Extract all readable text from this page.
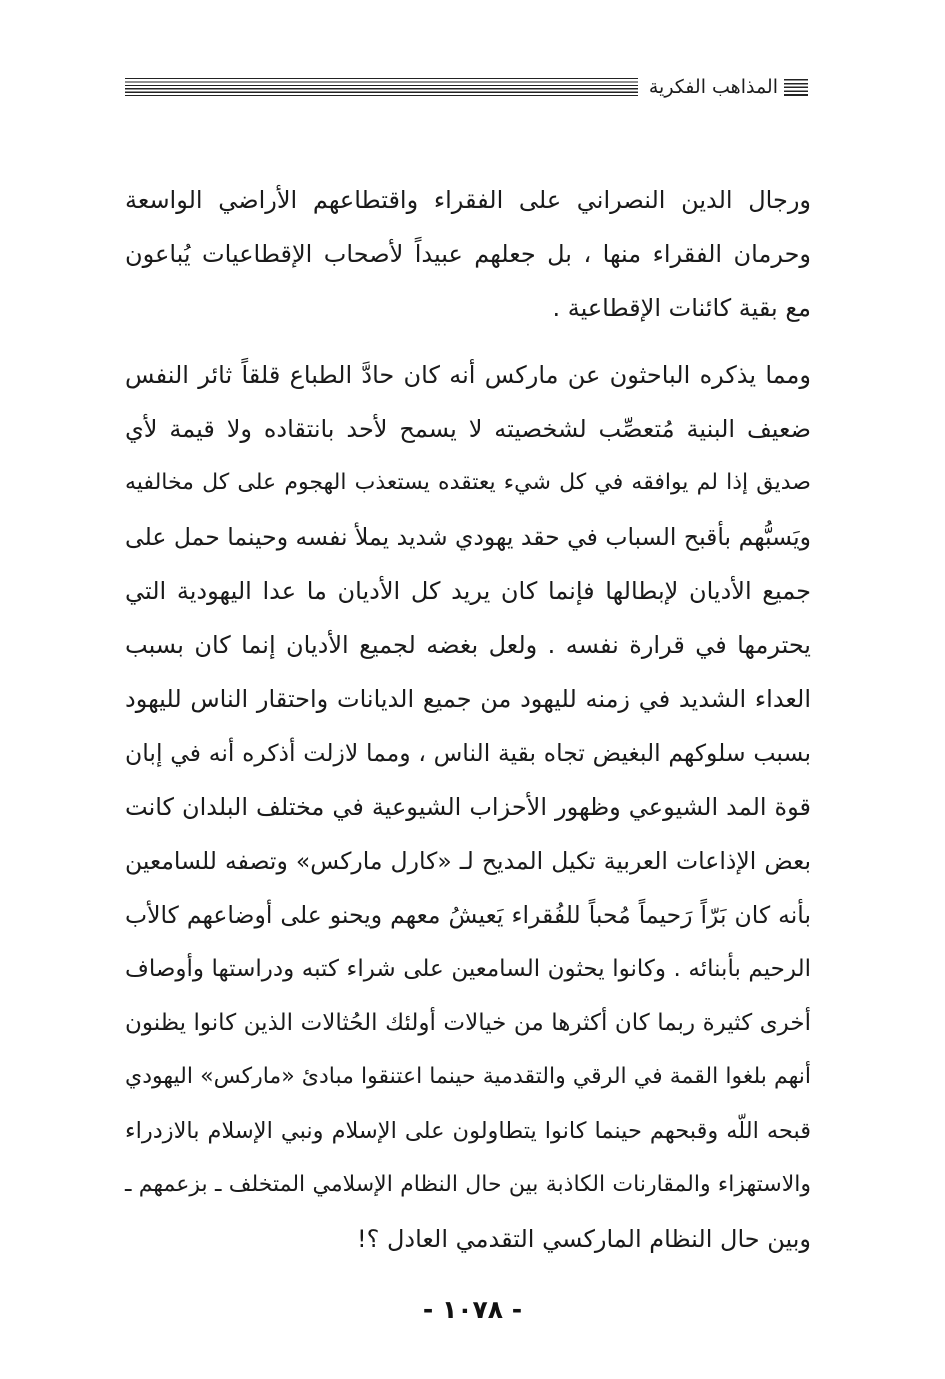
المذاهب الفكرية
ورجال الدين النصراني على الفقراء واقتطاعهم الأراضي الواسعة
وحرمان الفقراء منها ، بل جعلهم عبيداً لأصحاب الإقطاعيات يُباعون
مع بقية كائنات الإقطاعية .
ومما يذكره الباحثون عن ماركس أنه كان حادَّ الطباع قلقاً ثائر النفس
ضعيف البنية مُتعصِّب لشخصيته لا يسمح لأحد بانتقاده ولا قيمة لأي
صديق إذا لم يوافقه في كل شيء يعتقده يستعذب الهجوم على كل مخالفيه
ويَسبُّهم بأقبح السباب في حقد يهودي شديد يملأ نفسه وحينما حمل على
جميع الأديان لإبطالها فإنما كان يريد كل الأديان ما عدا اليهودية التي
يحترمها في قرارة نفسه . ولعل بغضه لجميع الأديان إنما كان بسبب
العداء الشديد في زمنه لليهود من جميع الديانات واحتقار الناس لليهود
بسبب سلوكهم البغيض تجاه بقية الناس ، ومما لازلت أذكره أنه في إبان
قوة المد الشيوعي وظهور الأحزاب الشيوعية في مختلف البلدان كانت
بعض الإذاعات العربية تكيل المديح لـ «كارل ماركس» وتصفه للسامعين
بأنه كان بَرّاً رَحيماً مُحباً للفُقراء يَعيشُ معهم ويحنو على أوضاعهم كالأب
الرحيم بأبنائه . وكانوا يحثون السامعين على شراء كتبه ودراستها وأوصاف
أخرى كثيرة ربما كان أكثرها من خيالات أولئك الحُثالات الذين كانوا يظنون
أنهم بلغوا القمة في الرقي والتقدمية حينما اعتنقوا مبادئ «ماركس» اليهودي
قبحه اللّه وقبحهم حينما كانوا يتطاولون على الإسلام ونبي الإسلام بالازدراء
والاستهزاء والمقارنات الكاذبة بين حال النظام الإسلامي المتخلف ـ بزعمهم ـ
وبين حال النظام الماركسي التقدمي العادل ؟!
- ١٠٧٨ -
